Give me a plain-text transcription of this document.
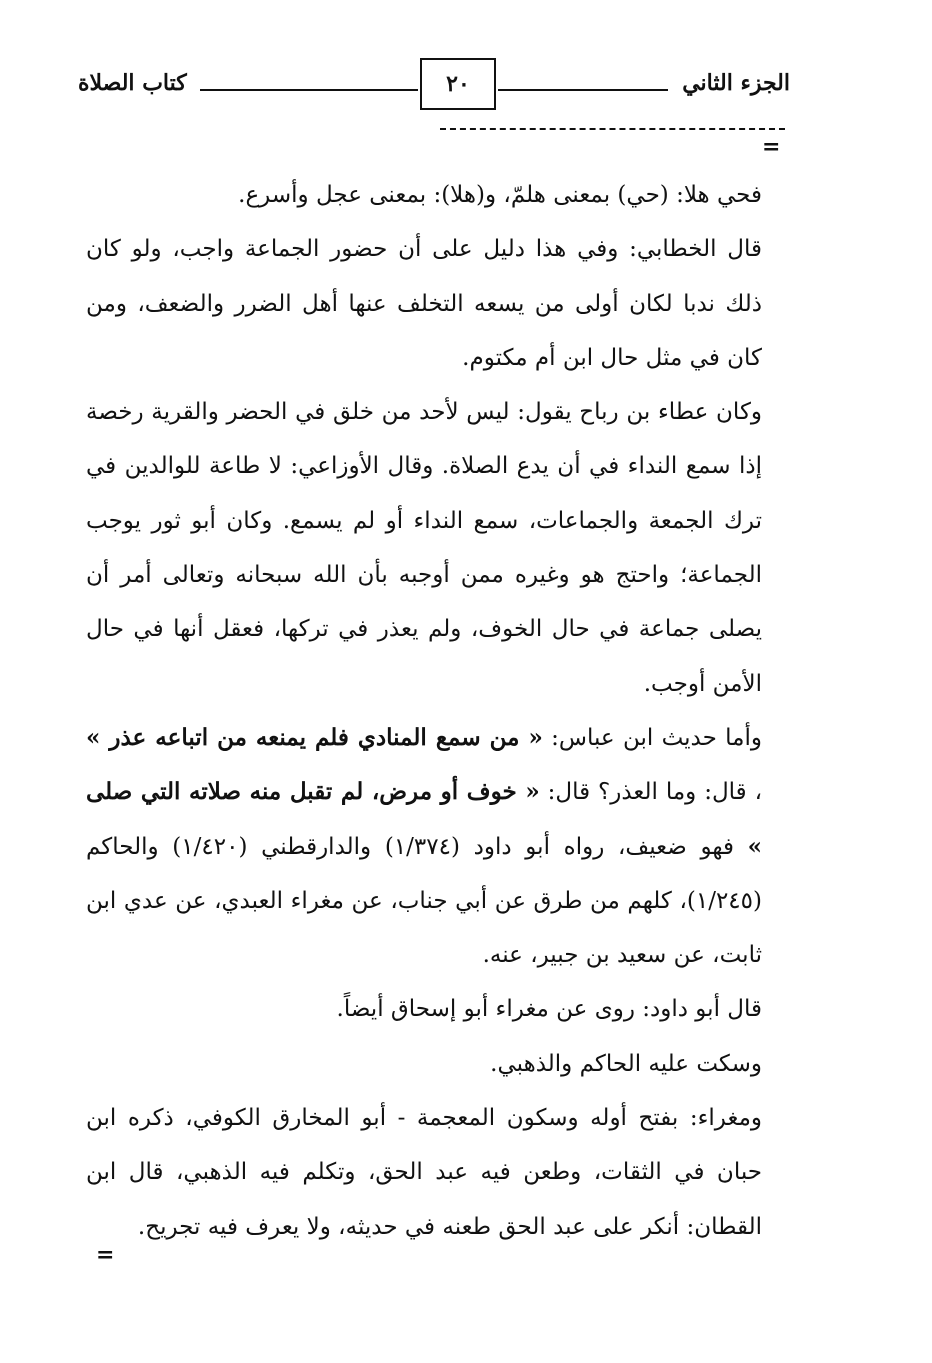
الجزء الثاني
٢٠
كتاب الصلاة
=

فحي هلا: (حي) بمعنى هلمّ، و(هلا): بمعنى عجل وأسرع.

قال الخطابي: وفي هذا دليل على أن حضور الجماعة واجب، ولو كان ذلك ندبا لكان أولى من يسعه التخلف عنها أهل الضرر والضعف، ومن كان في مثل حال ابن أم مكتوم.

وكان عطاء بن رباح يقول: ليس لأحد من خلق في الحضر والقرية رخصة إذا سمع النداء في أن يدع الصلاة. وقال الأوزاعي: لا طاعة للوالدين في ترك الجمعة والجماعات، سمع النداء أو لم يسمع. وكان أبو ثور يوجب الجماعة؛ واحتج هو وغيره ممن أوجبه بأن الله سبحانه وتعالى أمر أن يصلى جماعة في حال الخوف، ولم يعذر في تركها، فعقل أنها في حال الأمن أوجب.

وأما حديث ابن عباس: « من سمع المنادي فلم يمنعه من اتباعه عذر » ، قال: وما العذر؟ قال: « خوف أو مرض، لم تقبل منه صلاته التي صلى » فهو ضعيف، رواه أبو داود (١/٣٧٤) والدارقطني (١/٤٢٠) والحاكم (١/٢٤٥)، كلهم من طرق عن أبي جناب، عن مغراء العبدي، عن عدي ابن ثابت، عن سعيد بن جبير، عنه.

قال أبو داود: روى عن مغراء أبو إسحاق أيضاً.

وسكت عليه الحاكم والذهبي.

ومغراء: بفتح أوله وسكون المعجمة - أبو المخارق الكوفي، ذكره ابن حبان في الثقات، وطعن فيه عبد الحق، وتكلم فيه الذهبي، قال ابن القطان: أنكر على عبد الحق طعنه في حديثه، ولا يعرف فيه تجريح.

=
